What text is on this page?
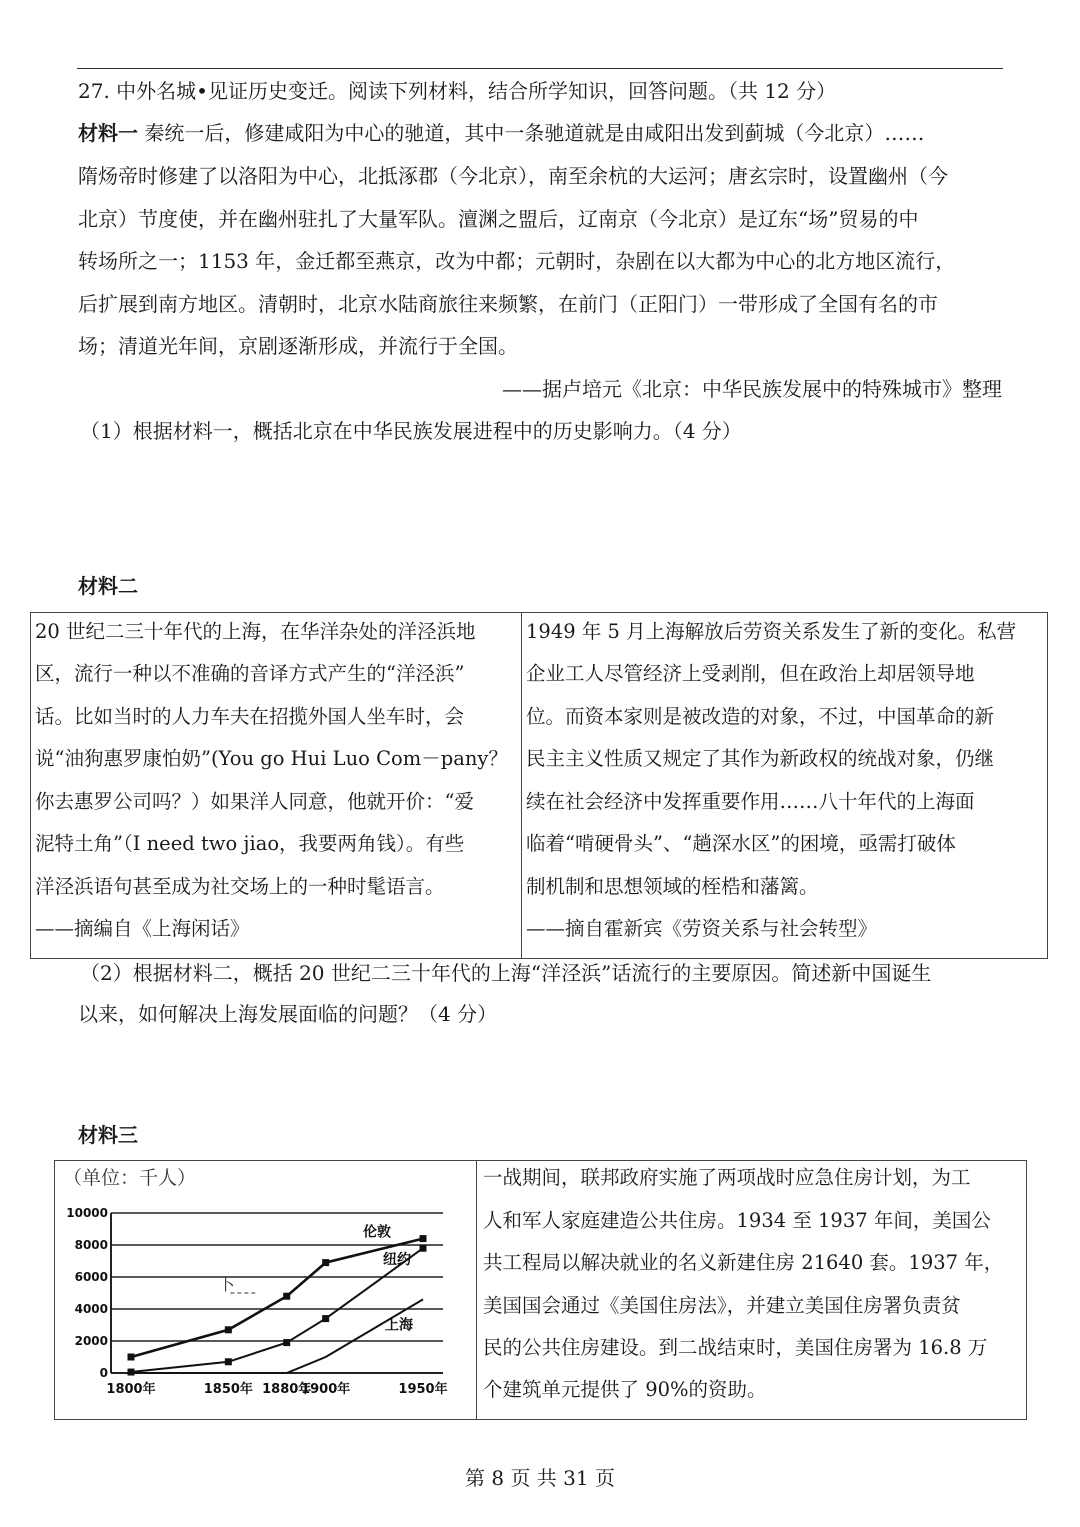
27. 中外名城•见证历史变迁。阅读下列材料，结合所学知识，回答问题。（共 12 分）
材料一 秦统一后，修建咸阳为中心的驰道，其中一条驰道就是由咸阳出发到蓟城（今北京）……
隋炀帝时修建了以洛阳为中心，北抵涿郡（今北京），南至余杭的大运河；唐玄宗时，设置幽州（今
北京）节度使，并在幽州驻扎了大量军队。澶渊之盟后，辽南京（今北京）是辽东“场”贸易的中
转场所之一；1153 年，金迁都至燕京，改为中都；元朝时，杂剧在以大都为中心的北方地区流行，
后扩展到南方地区。清朝时，北京水陆商旅往来频繁，在前门（正阳门）一带形成了全国有名的市
场；清道光年间，京剧逐渐形成，并流行于全国。
——据卢培元《北京：中华民族发展中的特殊城市》整理
（1）根据材料一，概括北京在中华民族发展进程中的历史影响力。（4 分）
材料二
20 世纪二三十年代的上海，在华洋杂处的洋泾浜地
区，流行一种以不准确的音译方式产生的“洋泾浜”
话。比如当时的人力车夫在招揽外国人坐车时，会
说“油狗惠罗康怕奶”(You go Hui Luo Com－pany？
你去惠罗公司吗？）如果洋人同意，他就开价：“爱
泥特土角”（I need two jiao，我要两角钱）。有些
洋泾浜语句甚至成为社交场上的一种时髦语言。
——摘编自《上海闲话》
1949 年 5 月上海解放后劳资关系发生了新的变化。私营
企业工人尽管经济上受剥削，但在政治上却居领导地
位。而资本家则是被改造的对象，不过，中国革命的新
民主主义性质又规定了其作为新政权的统战对象，仍继
续在社会经济中发挥重要作用……八十年代的上海面
临着“啃硬骨头”、“趟深水区”的困境，亟需打破体
制机制和思想领域的桎梏和藩篱。
——摘自霍新宾《劳资关系与社会转型》
（2）根据材料二，概括 20 世纪二三十年代的上海“洋泾浜”话流行的主要原因。简述新中国诞生
以来，如何解决上海发展面临的问题？（4 分）
材料三
（单位：千人）
0
2000
4000
6000
8000
10000
1800年	1850年 1880年
1900年	1950年
伦敦
纽约
上海
卜
一战期间，联邦政府实施了两项战时应急住房计划，为工
人和军人家庭建造公共住房。1934 至 1937 年间，美国公
共工程局以解决就业的名义新建住房 21640 套。1937 年，
美国国会通过《美国住房法》，并建立美国住房署负责贫
民的公共住房建设。到二战结束时，美国住房署为 16.8 万
个建筑单元提供了 90%的资助。
第 8 页 共 31 页
